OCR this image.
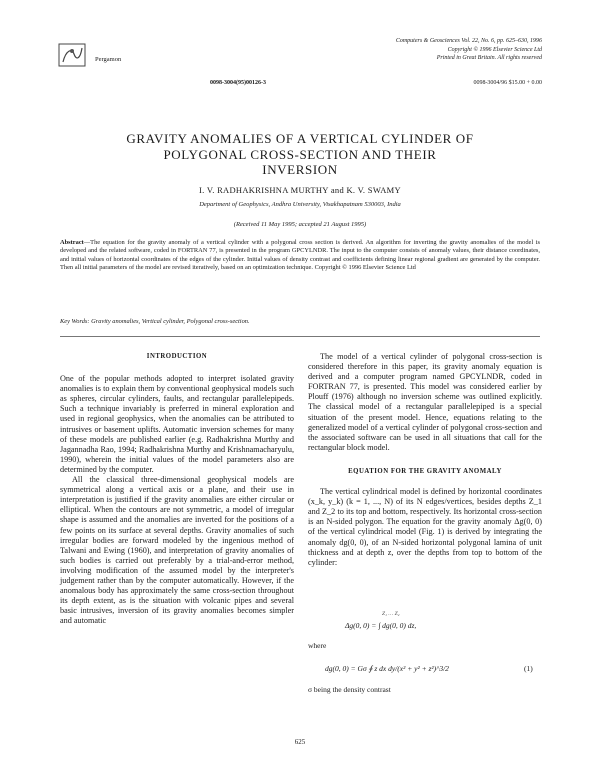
Pergamon
Computers & Geosciences Vol. 22, No. 6, pp. 625–630, 1996
Copyright © 1996 Elsevier Science Ltd
Printed in Great Britain. All rights reserved
0098-3004(95)00126-3	0098-3004/96 $15.00 + 0.00
GRAVITY ANOMALIES OF A VERTICAL CYLINDER OF
POLYGONAL CROSS-SECTION AND THEIR
INVERSION
I. V. RADHAKRISHNA MURTHY and K. V. SWAMY
Department of Geophysics, Andhra University, Visakhapatnam 530003, India
(Received 11 May 1995; accepted 21 August 1995)
Abstract—The equation for the gravity anomaly of a vertical cylinder with a polygonal cross section is derived. An algorithm for inverting the gravity anomalies of the model is developed and the related software, coded in FORTRAN 77, is presented in the program GPCYLNDR. The input to the computer consists of anomaly values, their distance coordinates, and initial values of horizontal coordinates of the edges of the cylinder. Initial values of density contrast and coefficients defining linear regional gradient are generated by the computer. Then all initial parameters of the model are revised iteratively, based on an optimization technique. Copyright © 1996 Elsevier Science Ltd
Key Words: Gravity anomalies, Vertical cylinder, Polygonal cross-section.
INTRODUCTION

One of the popular methods adopted to interpret isolated gravity anomalies is to explain them by conventional geophysical models such as spheres, circular cylinders, faults, and rectangular parallelepipeds. Such a technique invariably is preferred in mineral exploration and used in regional geophysics, when the anomalies can be attributed to intrusives or basement uplifts. Automatic inversion schemes for many of these models are published earlier (e.g. Radhakrishna Murthy and Jagannadha Rao, 1994; Radhakrishna Murthy and Krishnamacharyulu, 1990), wherein the initial values of the model parameters also are determined by the computer.

All the classical three-dimensional geophysical models are symmetrical along a vertical axis or a plane, and their use in interpretation is justified if the gravity anomalies are either circular or elliptical. When the contours are not symmetric, a model of irregular shape is assumed and the anomalies are inverted for the positions of a few points on its surface at several depths. Gravity anomalies of such irregular bodies are forward modeled by the ingenious method of Talwani and Ewing (1960), and interpretation of gravity anomalies of such bodies is carried out preferably by a trial-and-error method, involving modification of the assumed model by the interpreter's judgement rather than by the computer automatically. However, if the anomalous body has approximately the same cross-section throughout its depth extent, as is the situation with volcanic pipes and several basic intrusives, inversion of its gravity anomalies becomes simpler and automatic

The model of a vertical cylinder of polygonal cross-section is considered therefore in this paper, its gravity anomaly equation is derived and a computer program named GPCYLNDR, coded in FORTRAN 77, is presented. This model was considered earlier by Plouff (1976) although no inversion scheme was outlined explicitly. The classical model of a rectangular parallelepiped is a special situation of the present model. Hence, equations relating to the generalized model of a vertical cylinder of polygonal cross-section and the associated software can be used in all situations that call for the rectangular block model.

EQUATION FOR THE GRAVITY ANOMALY

The vertical cylindrical model is defined by horizontal coordinates (x_k, y_k) (k = 1, ..., N) of its N edges/vertices, besides depths Z_1 and Z_2 to its top and bottom, respectively. Its horizontal cross-section is an N-sided polygon. The equation for the gravity anomaly Δg(0, 0) of the vertical cylindrical model (Fig. 1) is derived by integrating the anomaly dg(0, 0), of an N-sided horizontal polygonal lamina of unit thickness and at depth z, over the depths from top to bottom of the cylinder:

Δg(0, 0) = ∫ dg(0, 0) dz,
Z₁ … Z₂
where
dg(0, 0) = Gσ ∮ z dx dy/(x² + y² + z²)^3/2	(1)
σ being the density contrast
625
